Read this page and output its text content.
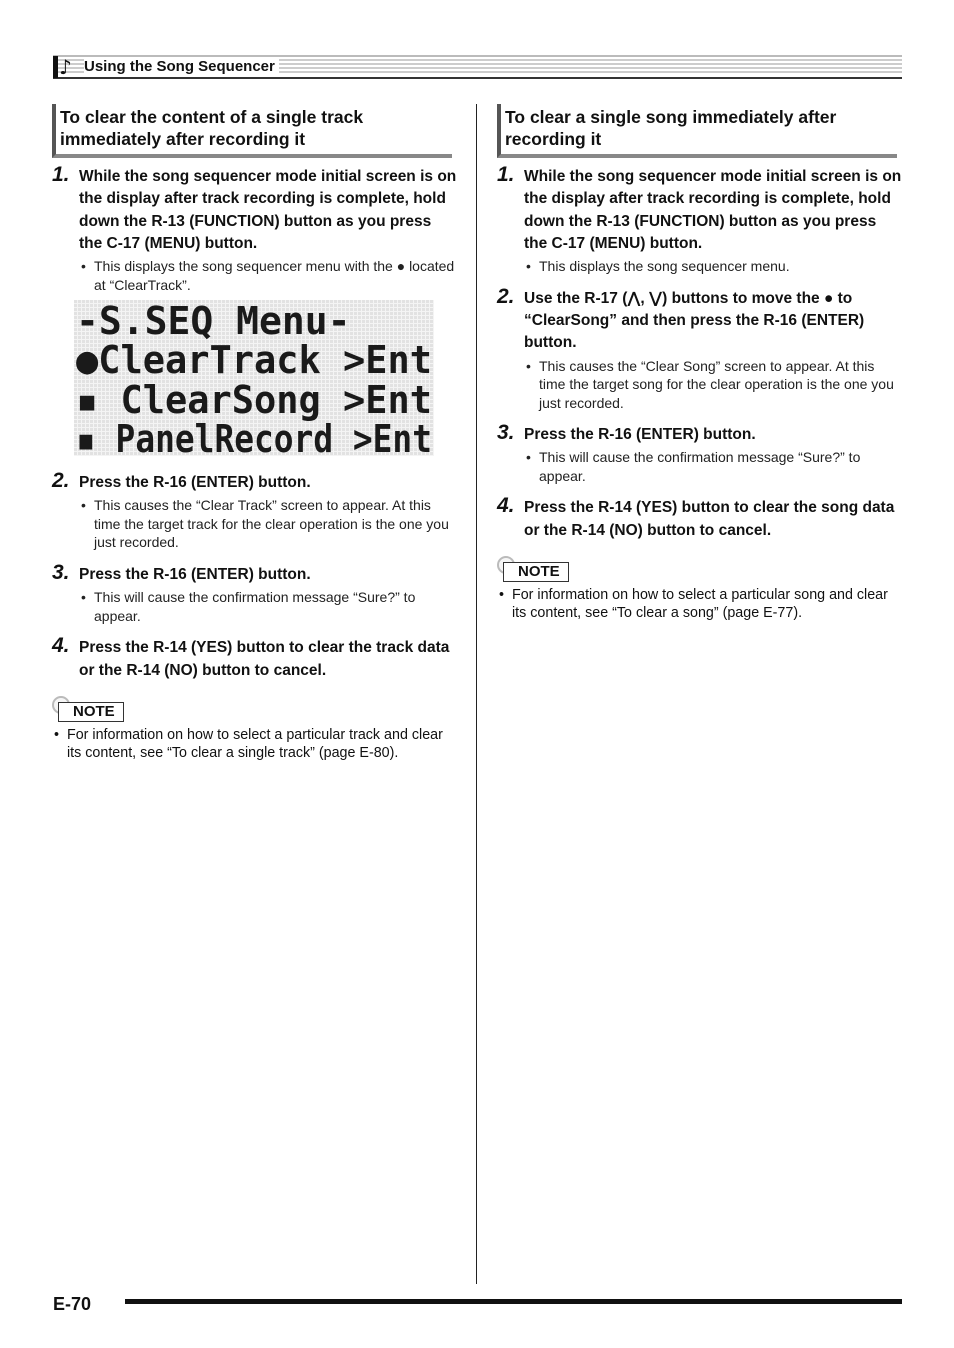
♪ Using the Song Sequencer
To clear the content of a single track immediately after recording it
1. While the song sequencer mode initial screen is on the display after track recording is complete, hold down the R-13 (FUNCTION) button as you press the C-17 (MENU) button.
• This displays the song sequencer menu with the ● located at “ClearTrack”.
-S.SEQ Menu-
●ClearTrack >Ent
▪ ClearSong >Ent
▪ PanelRecord >Ent
2. Press the R-16 (ENTER) button.
• This causes the “Clear Track” screen to appear. At this time the target track for the clear operation is the one you just recorded.
3. Press the R-16 (ENTER) button.
• This will cause the confirmation message “Sure?” to appear.
4. Press the R-14 (YES) button to clear the track data or the R-14 (NO) button to cancel.
NOTE
• For information on how to select a particular track and clear its content, see “To clear a single track” (page E-80).
To clear a single song immediately after recording it
1. While the song sequencer mode initial screen is on the display after track recording is complete, hold down the R-13 (FUNCTION) button as you press the C-17 (MENU) button.
• This displays the song sequencer menu.
2. Use the R-17 (⋀, ⋁) buttons to move the ● to “ClearSong” and then press the R-16 (ENTER) button.
• This causes the “Clear Song” screen to appear. At this time the target song for the clear operation is the one you just recorded.
3. Press the R-16 (ENTER) button.
• This will cause the confirmation message “Sure?” to appear.
4. Press the R-14 (YES) button to clear the song data or the R-14 (NO) button to cancel.
NOTE
• For information on how to select a particular song and clear its content, see “To clear a song” (page E-77).
E-70
